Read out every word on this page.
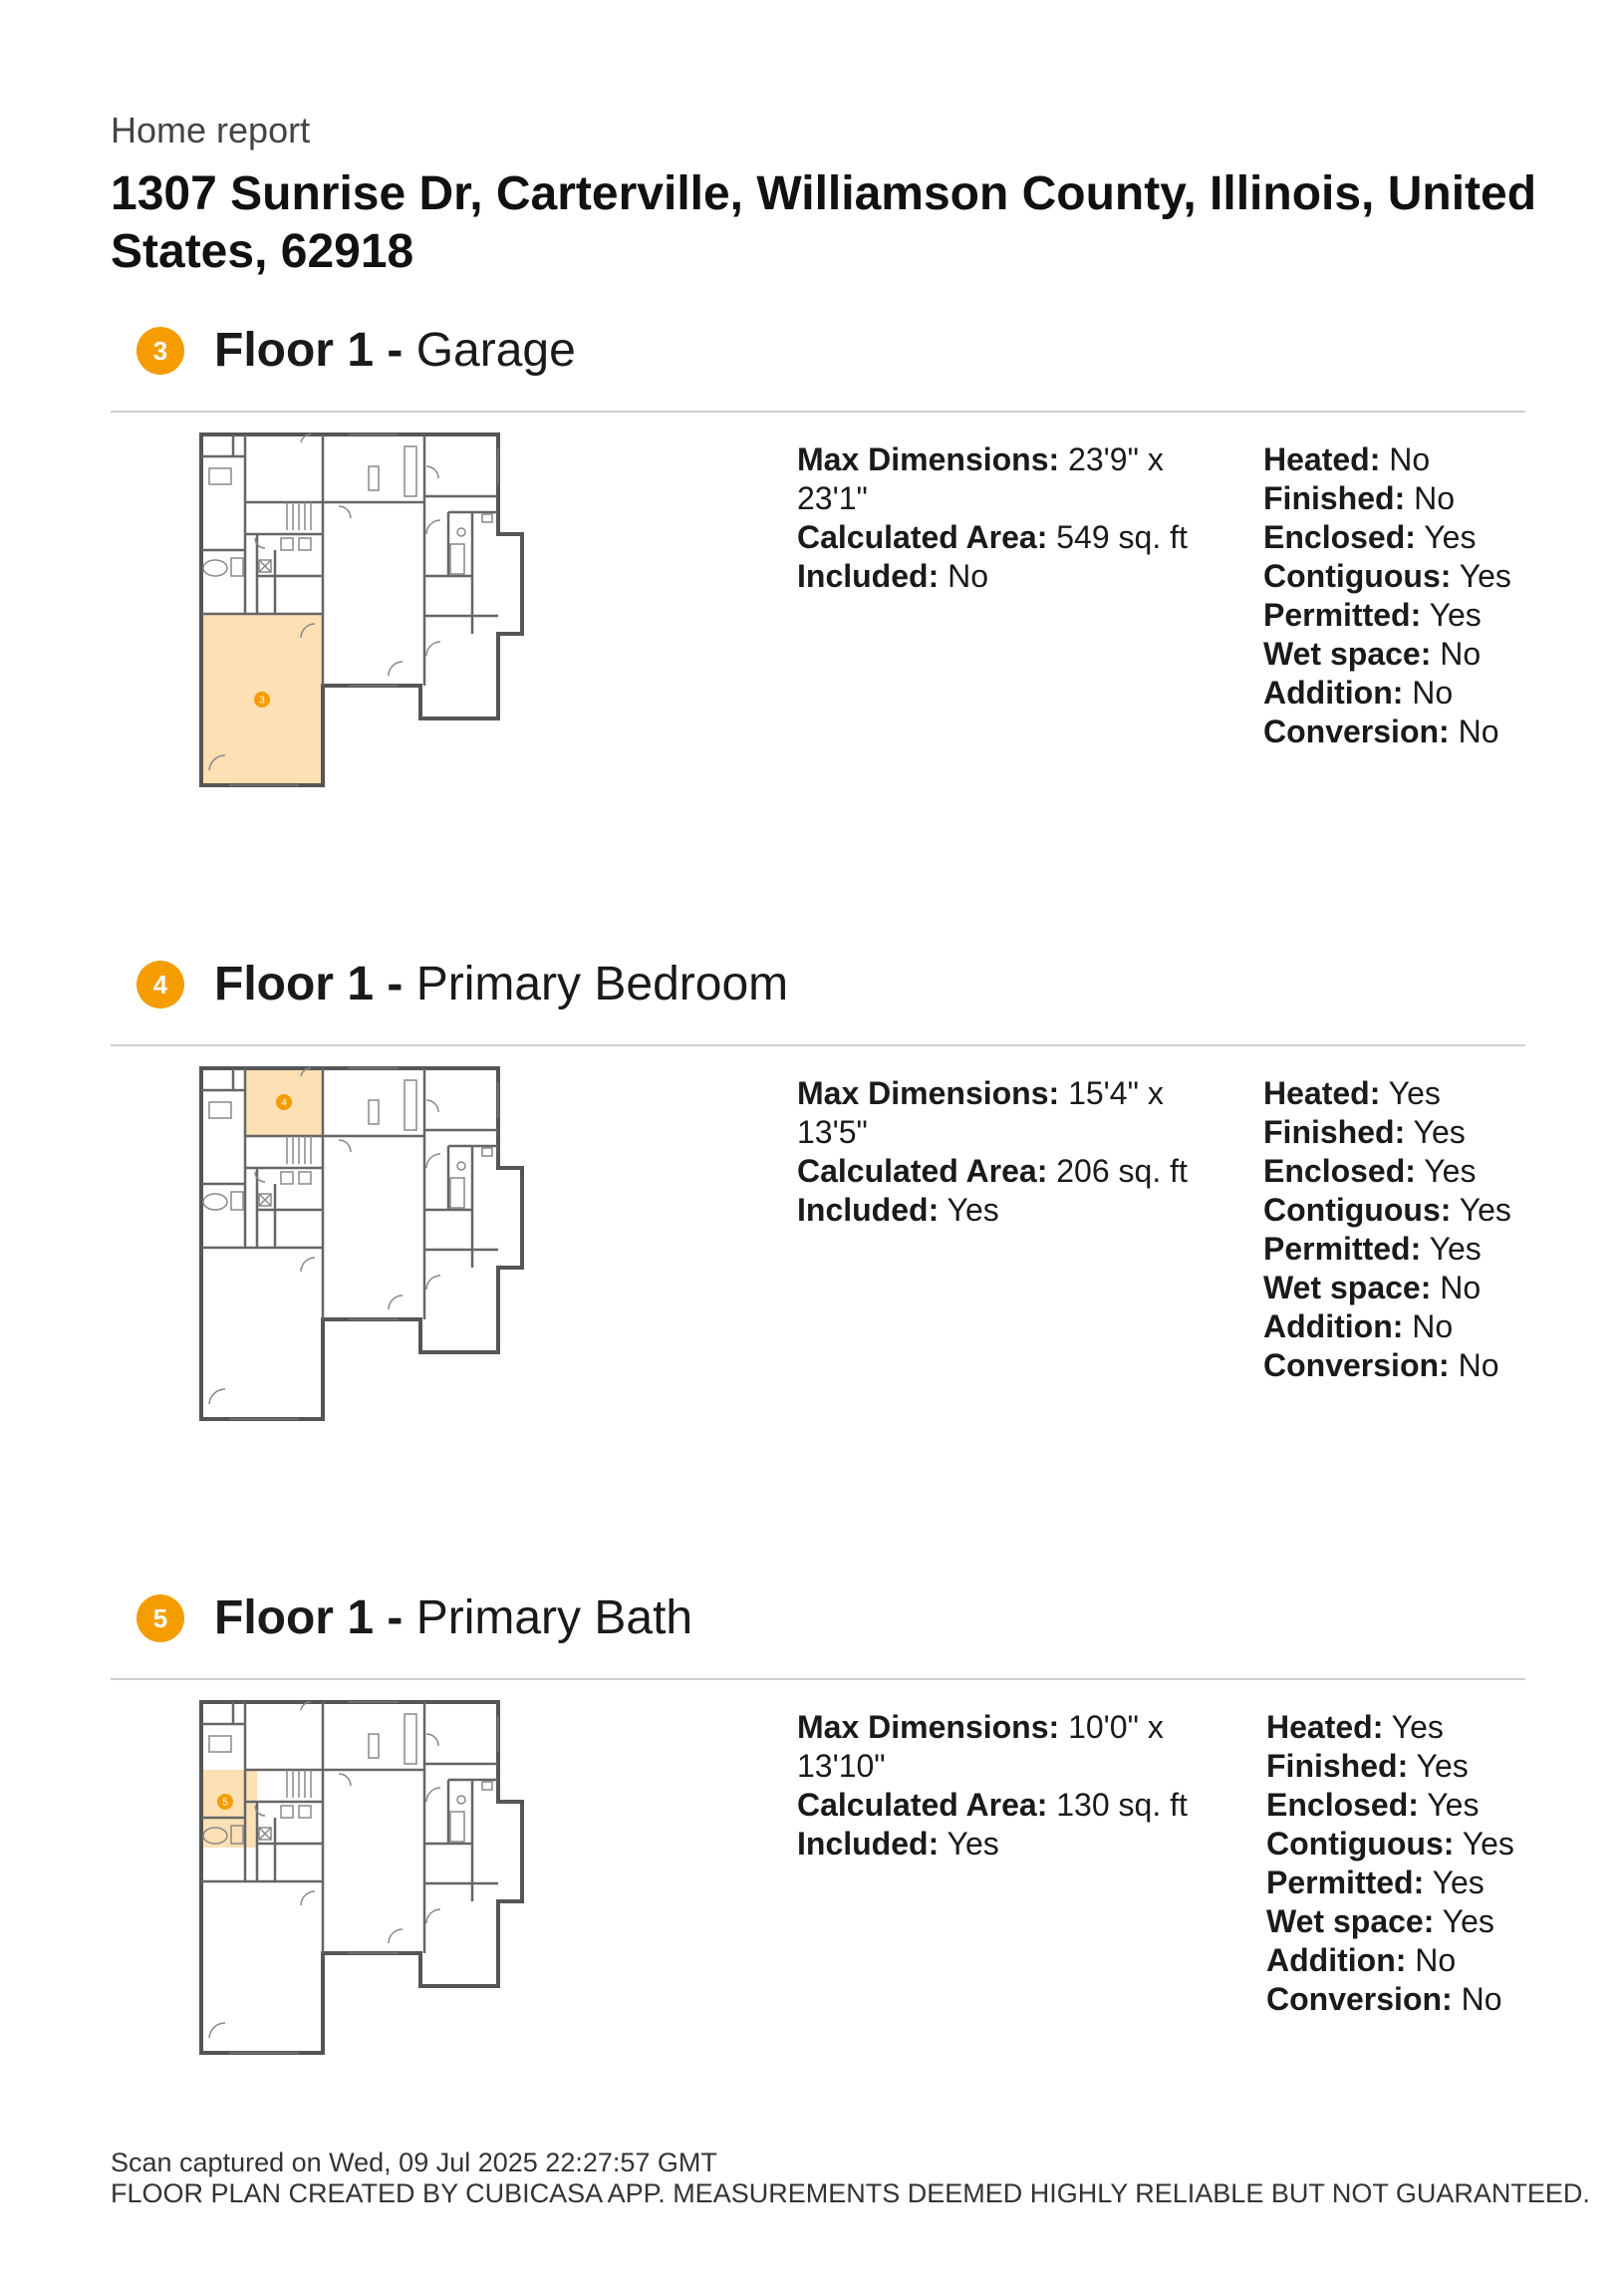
Home report
1307 Sunrise Dr, Carterville, Williamson County, Illinois, United States, 62918
3 Floor 1 - Garage
3
Max Dimensions: 23'9" x 23'1"
Calculated Area: 549 sq. ft
Included: No
Heated: No
Finished: No
Enclosed: Yes
Contiguous: Yes
Permitted: Yes
Wet space: No
Addition: No
Conversion: No
4 Floor 1 - Primary Bedroom
4	Max Dimensions: 15'4" x 13'5"
Calculated Area: 206 sq. ft
Included: Yes
Heated: Yes
Finished: Yes
Enclosed: Yes
Contiguous: Yes
Permitted: Yes
Wet space: No
Addition: No
Conversion: No
5 Floor 1 - Primary Bath
5
Max Dimensions: 10'0" x 13'10"
Calculated Area: 130 sq. ft
Included: Yes
Heated: Yes
Finished: Yes
Enclosed: Yes
Contiguous: Yes
Permitted: Yes
Wet space: Yes
Addition: No
Conversion: No
Scan captured on Wed, 09 Jul 2025 22:27:57 GMT
FLOOR PLAN CREATED BY CUBICASA APP. MEASUREMENTS DEEMED HIGHLY RELIABLE BUT NOT GUARANTEED.
